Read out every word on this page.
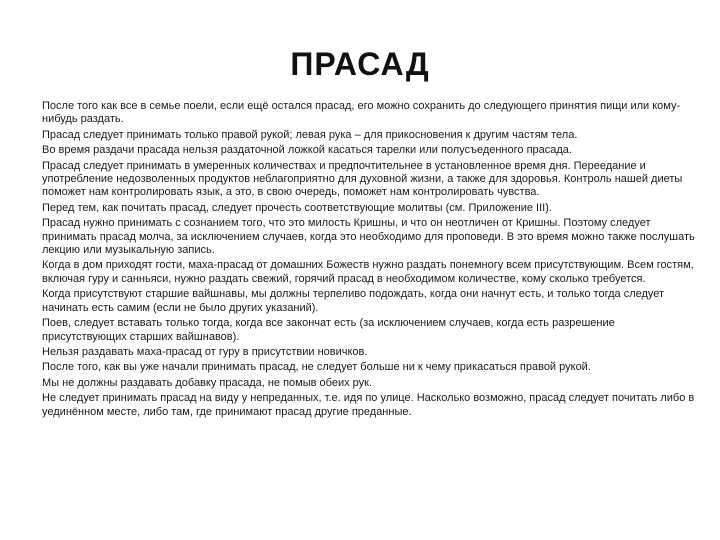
ПРАСАД

После того как все в семье поели, если ещё остался прасад, его можно сохранить до следующего принятия пищи или кому-нибудь раздать.

Прасад следует принимать только правой рукой; левая рука – для прикосновения к другим частям тела.

Во время раздачи прасада нельзя раздаточной ложкой касаться тарелки или полусъеденного прасада.

Прасад следует принимать в умеренных количествах и предпочтительнее в установленное время дня. Переедание и употребление недозволенных продуктов неблагоприятно для духовной жизни, а также для здоровья. Контроль нашей диеты поможет нам контролировать язык, а это, в свою очередь, поможет нам контролировать чувства.

Перед тем, как почитать прасад, следует прочесть соответствующие молитвы (см. Приложение III).

Прасад нужно принимать с сознанием того, что это милость Кришны, и что он неотличен от Кришны. Поэтому следует принимать прасад молча, за исключением случаев, когда это необходимо для проповеди. В это время можно также послушать лекцию или музыкальную запись.

Когда в дом приходят гости, маха-прасад от домашних Божеств нужно раздать понемногу всем присутствующим. Всем гостям, включая гуру и санньяси, нужно раздать свежий, горячий прасад в необходимом количестве, кому сколько требуется.

Когда присутствуют старшие вайшнавы, мы должны терпеливо подождать, когда они начнут есть, и только тогда следует начинать есть самим (если не было других указаний).

Поев, следует вставать только тогда, когда все закончат есть (за исключением случаев, когда есть разрешение присутствующих старших вайшнавов).

Нельзя раздавать маха-прасад от гуру в присутствии новичков.

После того, как вы уже начали принимать прасад, не следует больше ни к чему прикасаться правой рукой.

Мы не должны раздавать добавку прасада, не помыв обеих рук.

Не следует принимать прасад на виду у непреданных, т.е. идя по улице. Насколько возможно, прасад следует почитать либо в уединённом месте, либо там, где принимают прасад другие преданные.
